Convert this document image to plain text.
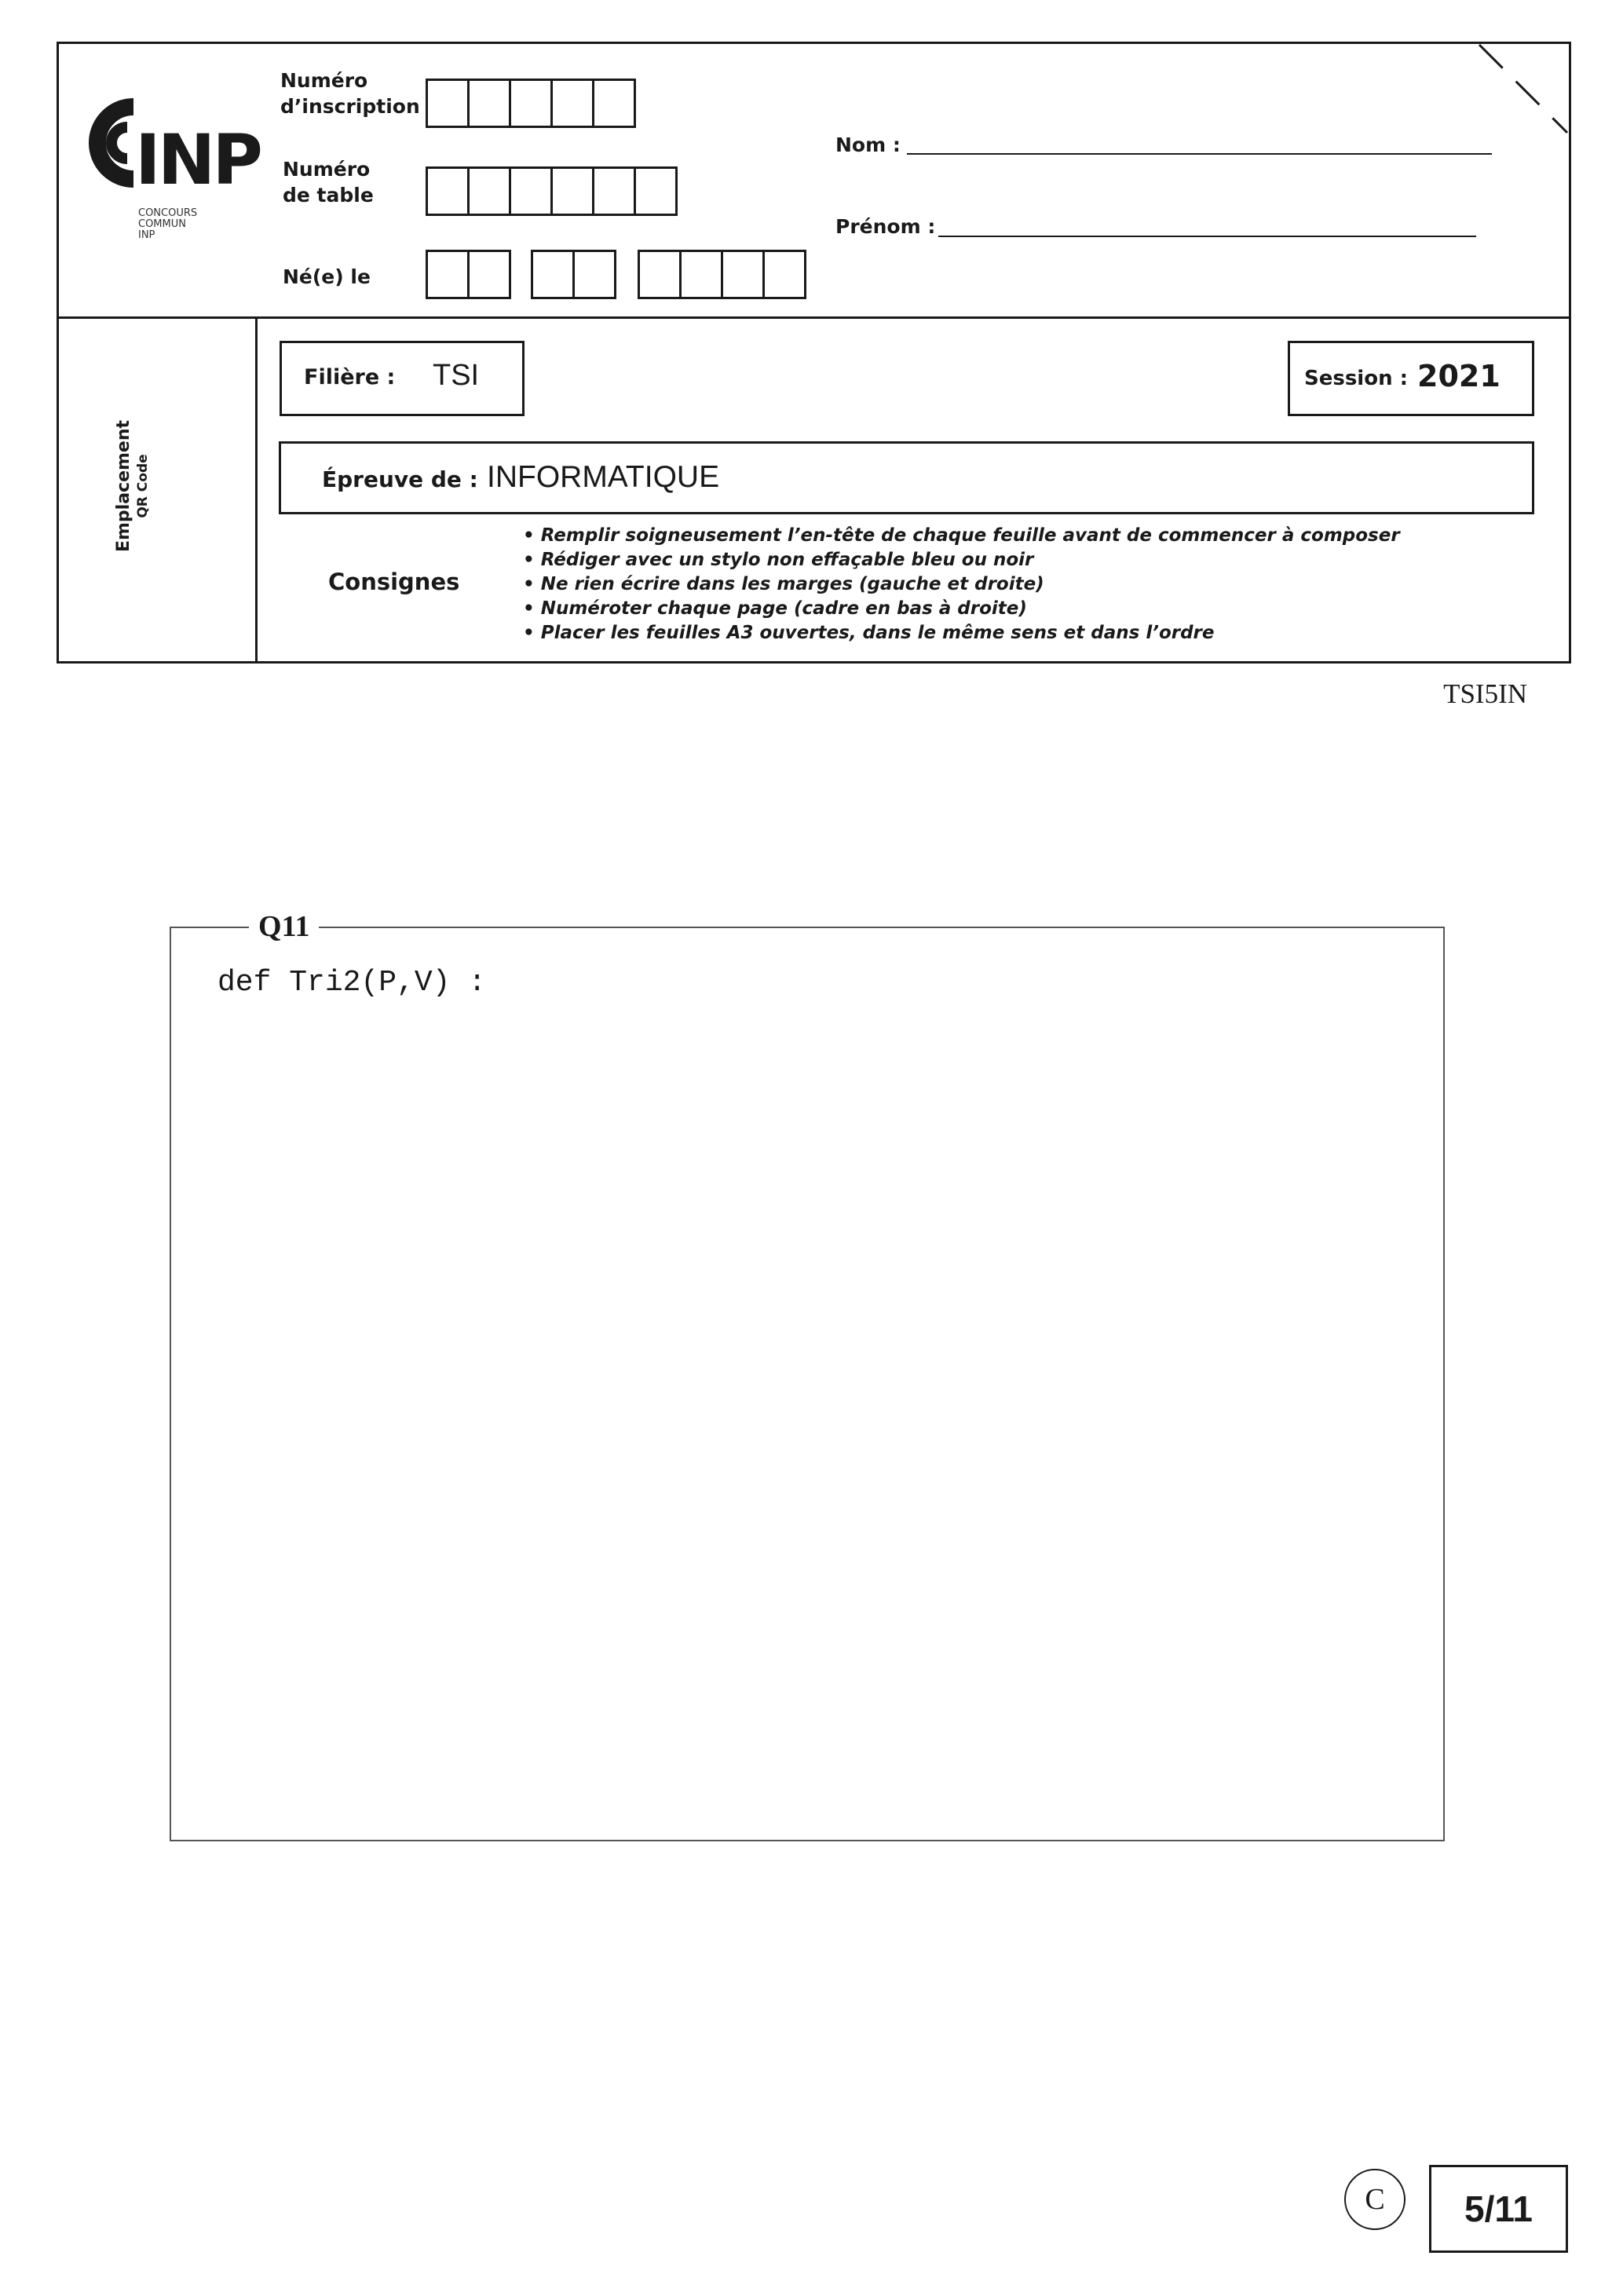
INP
CONCOURS
COMMUN
INP
Numéro
d’inscription
Numéro
de table
Né(e) le
Nom :
Prénom :
Emplacement QR Code
Filière : TSI	Session : 2021
Épreuve de : INFORMATIQUE
Consignes
• Remplir soigneusement l’en-tête de chaque feuille avant de commencer à composer
• Rédiger avec un stylo non effaçable bleu ou noir
• Ne rien écrire dans les marges (gauche et droite)
• Numéroter chaque page (cadre en bas à droite)
• Placer les feuilles A3 ouvertes, dans le même sens et dans l’ordre
TSI5IN
Q11
def Tri2(P,V) :
C	5/11
